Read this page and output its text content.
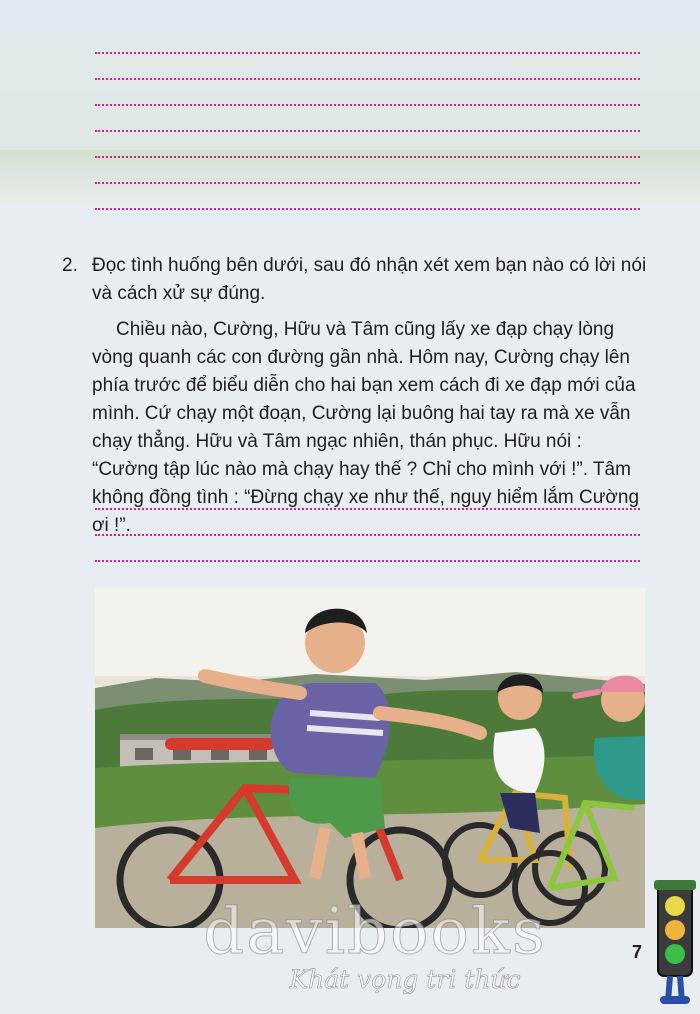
2. Đọc tình huống bên dưới, sau đó nhận xét xem bạn nào có lời nói và cách xử sự đúng.
Chiều nào, Cường, Hữu và Tâm cũng lấy xe đạp chạy lòng vòng quanh các con đường gần nhà. Hôm nay, Cường chạy lên phía trước để biểu diễn cho hai bạn xem cách đi xe đạp mới của mình. Cứ chạy một đoạn, Cường lại buông hai tay ra mà xe vẫn chạy thẳng. Hữu và Tâm ngạc nhiên, thán phục. Hữu nói : “Cường tập lúc nào mà chạy hay thế ? Chỉ cho mình với !”. Tâm không đồng tình : “Đừng chạy xe như thế, nguy hiểm lắm Cường ơi !”.
7
davibooks
Khát vọng tri thức
